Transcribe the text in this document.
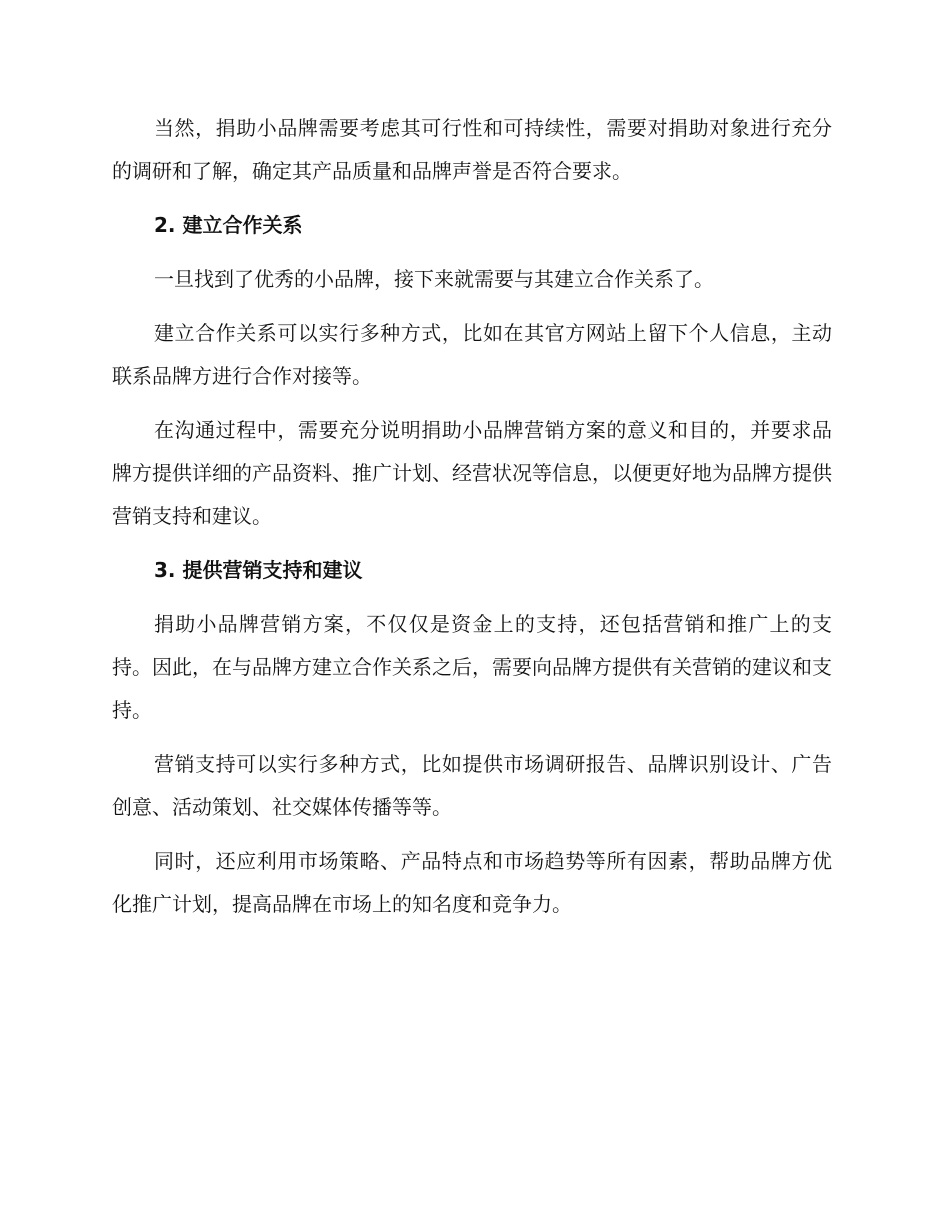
当然，捐助小品牌需要考虑其可行性和可持续性，需要对捐助对象进行充分的调研和了解，确定其产品质量和品牌声誉是否符合要求。

2. 建立合作关系

一旦找到了优秀的小品牌，接下来就需要与其建立合作关系了。

建立合作关系可以实行多种方式，比如在其官方网站上留下个人信息，主动联系品牌方进行合作对接等。

在沟通过程中，需要充分说明捐助小品牌营销方案的意义和目的，并要求品牌方提供详细的产品资料、推广计划、经营状况等信息，以便更好地为品牌方提供营销支持和建议。

3. 提供营销支持和建议

捐助小品牌营销方案，不仅仅是资金上的支持，还包括营销和推广上的支持。因此，在与品牌方建立合作关系之后，需要向品牌方提供有关营销的建议和支持。

营销支持可以实行多种方式，比如提供市场调研报告、品牌识别设计、广告创意、活动策划、社交媒体传播等等。

同时，还应利用市场策略、产品特点和市场趋势等所有因素，帮助品牌方优化推广计划，提高品牌在市场上的知名度和竞争力。
